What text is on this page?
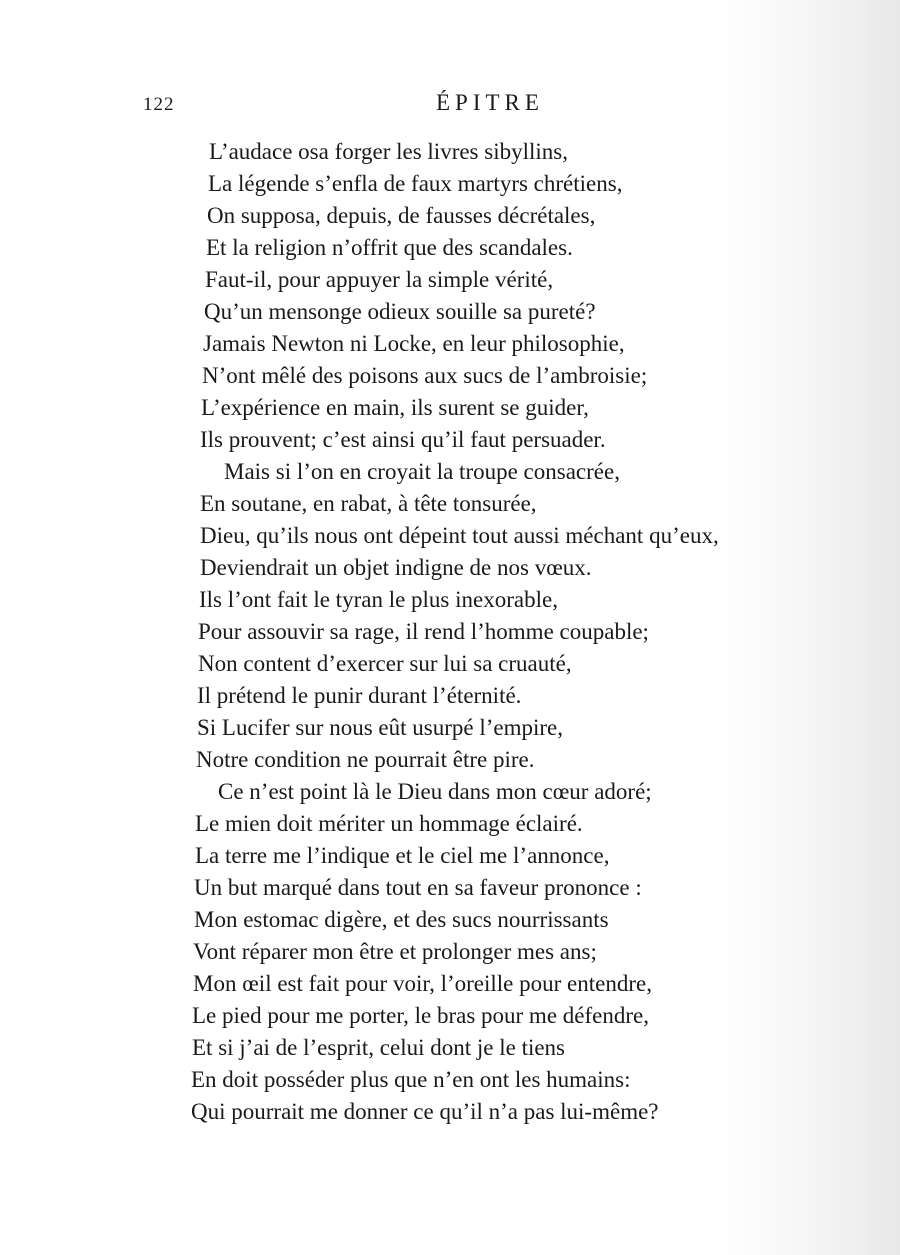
122	ÉPITRE
L’audace osa forger les livres sibyllins,
La légende s’enfla de faux martyrs chrétiens,
On supposa, depuis, de fausses décrétales,
Et la religion n’offrit que des scandales.
Faut-il, pour appuyer la simple vérité,
Qu’un mensonge odieux souille sa pureté?
Jamais Newton ni Locke, en leur philosophie,
N’ont mêlé des poisons aux sucs de l’ambroisie;
L’expérience en main, ils surent se guider,
Ils prouvent; c’est ainsi qu’il faut persuader.
Mais si l’on en croyait la troupe consacrée,
En soutane, en rabat, à tête tonsurée,
Dieu, qu’ils nous ont dépeint tout aussi méchant qu’eux,
Deviendrait un objet indigne de nos vœux.
Ils l’ont fait le tyran le plus inexorable,
Pour assouvir sa rage, il rend l’homme coupable;
Non content d’exercer sur lui sa cruauté,
Il prétend le punir durant l’éternité.
Si Lucifer sur nous eût usurpé l’empire,
Notre condition ne pourrait être pire.
Ce n’est point là le Dieu dans mon cœur adoré;
Le mien doit mériter un hommage éclairé.
La terre me l’indique et le ciel me l’annonce,
Un but marqué dans tout en sa faveur prononce :
Mon estomac digère, et des sucs nourrissants
Vont réparer mon être et prolonger mes ans;
Mon œil est fait pour voir, l’oreille pour entendre,
Le pied pour me porter, le bras pour me défendre,
Et si j’ai de l’esprit, celui dont je le tiens
En doit posséder plus que n’en ont les humains:
Qui pourrait me donner ce qu’il n’a pas lui-même?
